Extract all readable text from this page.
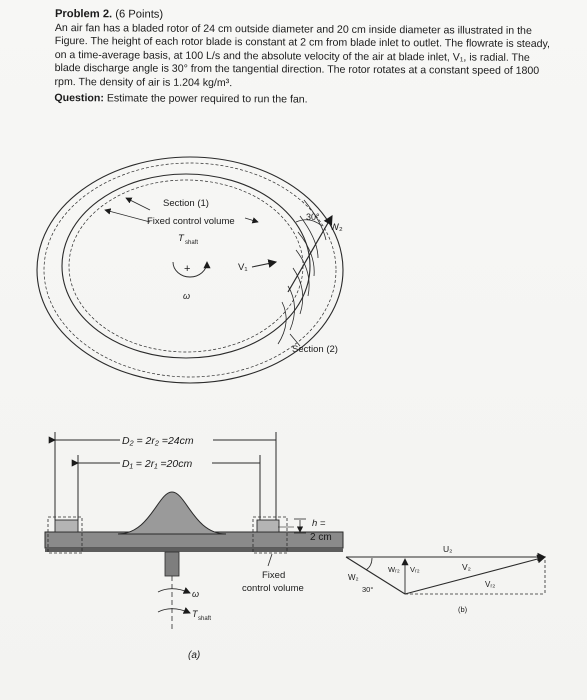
Problem 2. (6 Points)
An air fan has a bladed rotor of 24 cm outside diameter and 20 cm inside diameter as illustrated in the
Figure. The height of each rotor blade is constant at 2 cm from blade inlet to outlet. The flowrate is steady,
on a time-average basis, at 100 L/s and the absolute velocity of the air at blade inlet, V₁, is radial. The
blade discharge angle is 30° from the tangential direction. The rotor rotates at a constant speed of 1800
rpm. The density of air is 1.204 kg/m³.
Question: Estimate the power required to run the fan.
Section (1)
Fixed control volume
T shaft
+
ω
V₁
30°
W₂
Section (2)
D₂ = 2r₂ =24cm
D₁ = 2r₁ =20cm
h =
2 cm
Fixed
control volume
ω
T shaft
(a)
U₂
V₂
Vᵣ₂
W₂
Wᵣ₂ Vᵣ₂
30°
(b)
